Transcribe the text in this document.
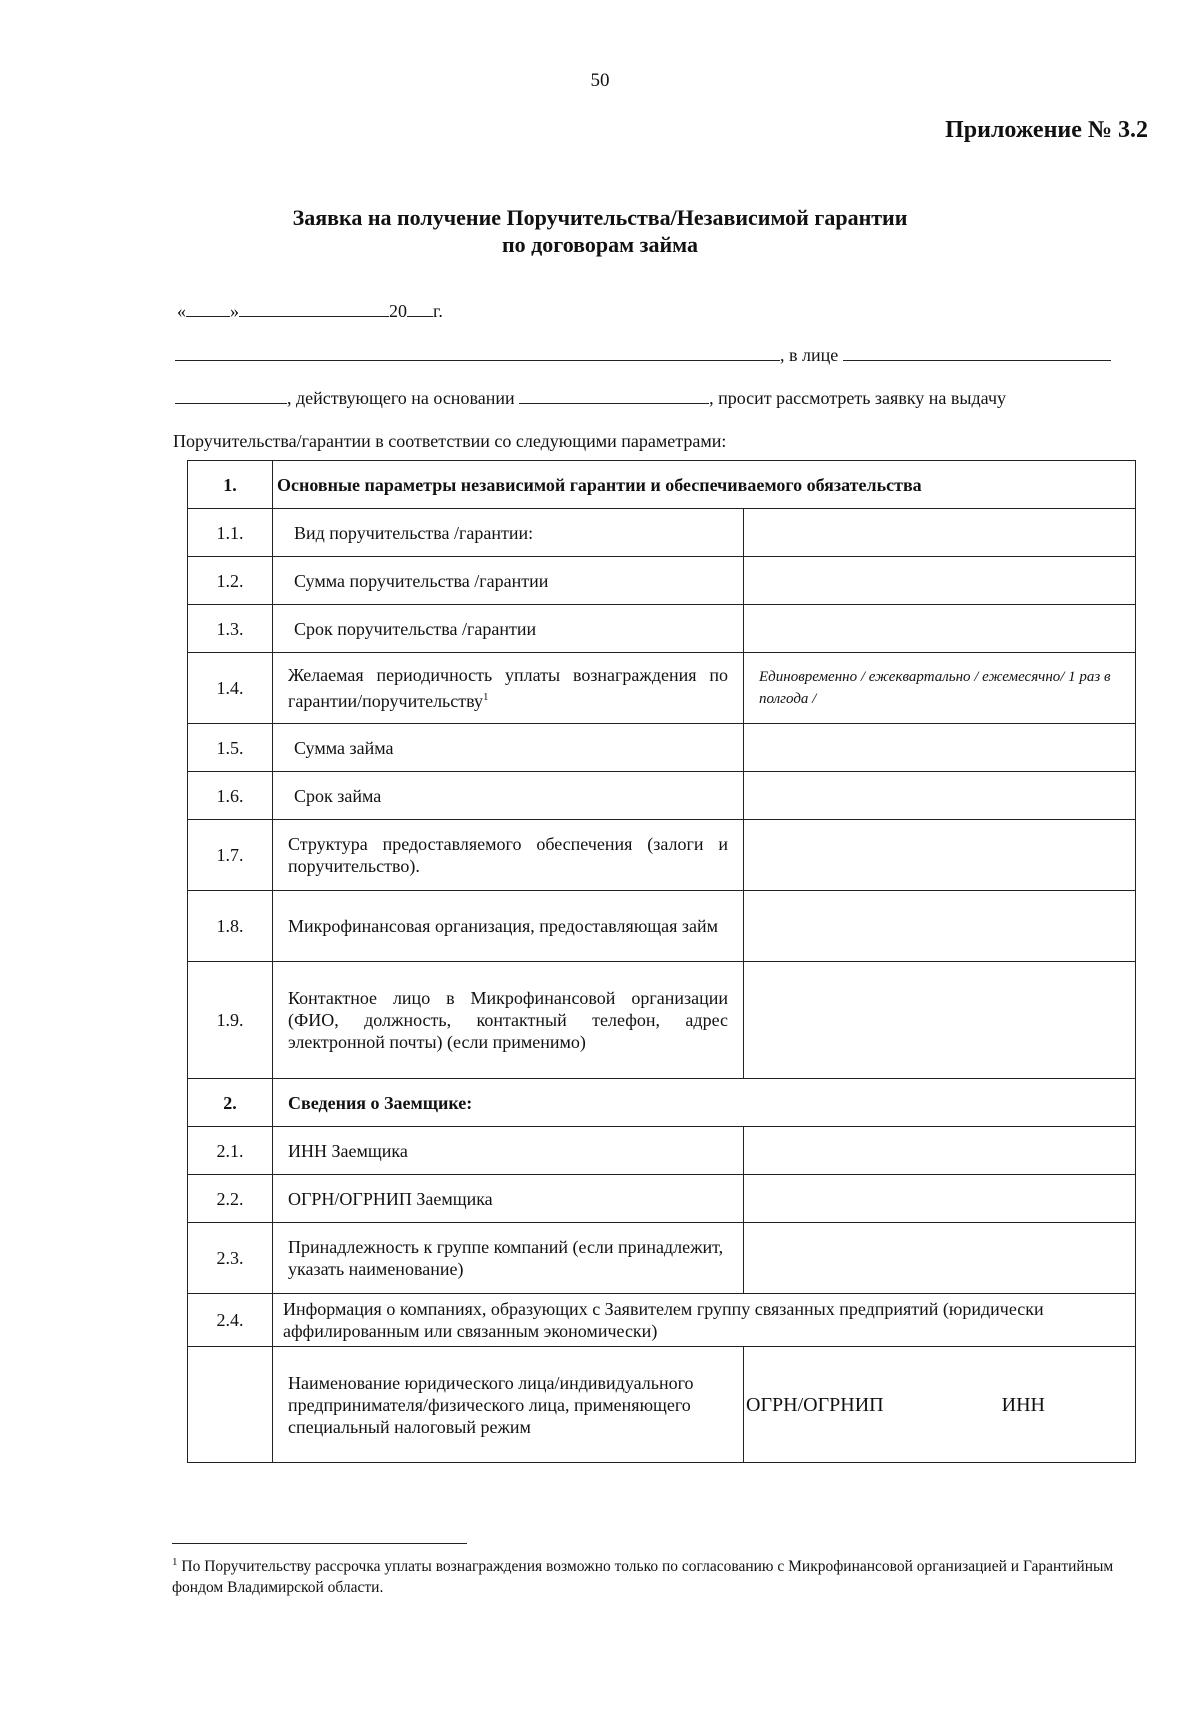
50
Приложение № 3.2
Заявка на получение Поручительства/Независимой гарантии
по договорам займа
« »	20 г.
, в лице
, действующего на основании	, просит рассмотреть заявку на выдачу
Поручительства/гарантии в соответствии со следующими параметрами:
1.	Основные параметры независимой гарантии и обеспечиваемого обязательства	
1.1.	Вид поручительства /гарантии:	
1.2.	Сумма поручительства /гарантии	
1.3.	Срок поручительства /гарантии	
1.4.	Желаемая периодичность уплаты вознаграждения по гарантии/поручительству$^1$	Единовременно / ежеквартально / ежемесячно/ 1 раз в полгода /
1.5.	Сумма займа	
1.6.	Срок займа	
1.7.	Структура предоставляемого обеспечения (залоги и поручительство).	
1.8.	Микрофинансовая организация, предоставляющая займ	
1.9.	Контактное лицо в Микрофинансовой организации (ФИО, должность, контактный телефон, адрес электронной почты) (если применимо)	
2.	Сведения о Заемщике:	
2.1.	ИНН Заемщика	
2.2.	ОГРН/ОГРНИП Заемщика	
2.3.	Принадлежность к группе компаний (если принадлежит, указать наименование)	
2.4.	Информация о компаниях, образующих с Заявителем группу связанных предприятий (юридически аффилированным или связанным экономически)	
	Наименование юридического лица/индивидуального предпринимателя/физического лица, применяющего специальный налоговый режим	ОГРН/ОГРНИП ИНН
$^1$ По Поручительству рассрочка уплаты вознаграждения возможно только по согласованию с Микрофинансовой организацией и Гарантийным фондом Владимирской области.
